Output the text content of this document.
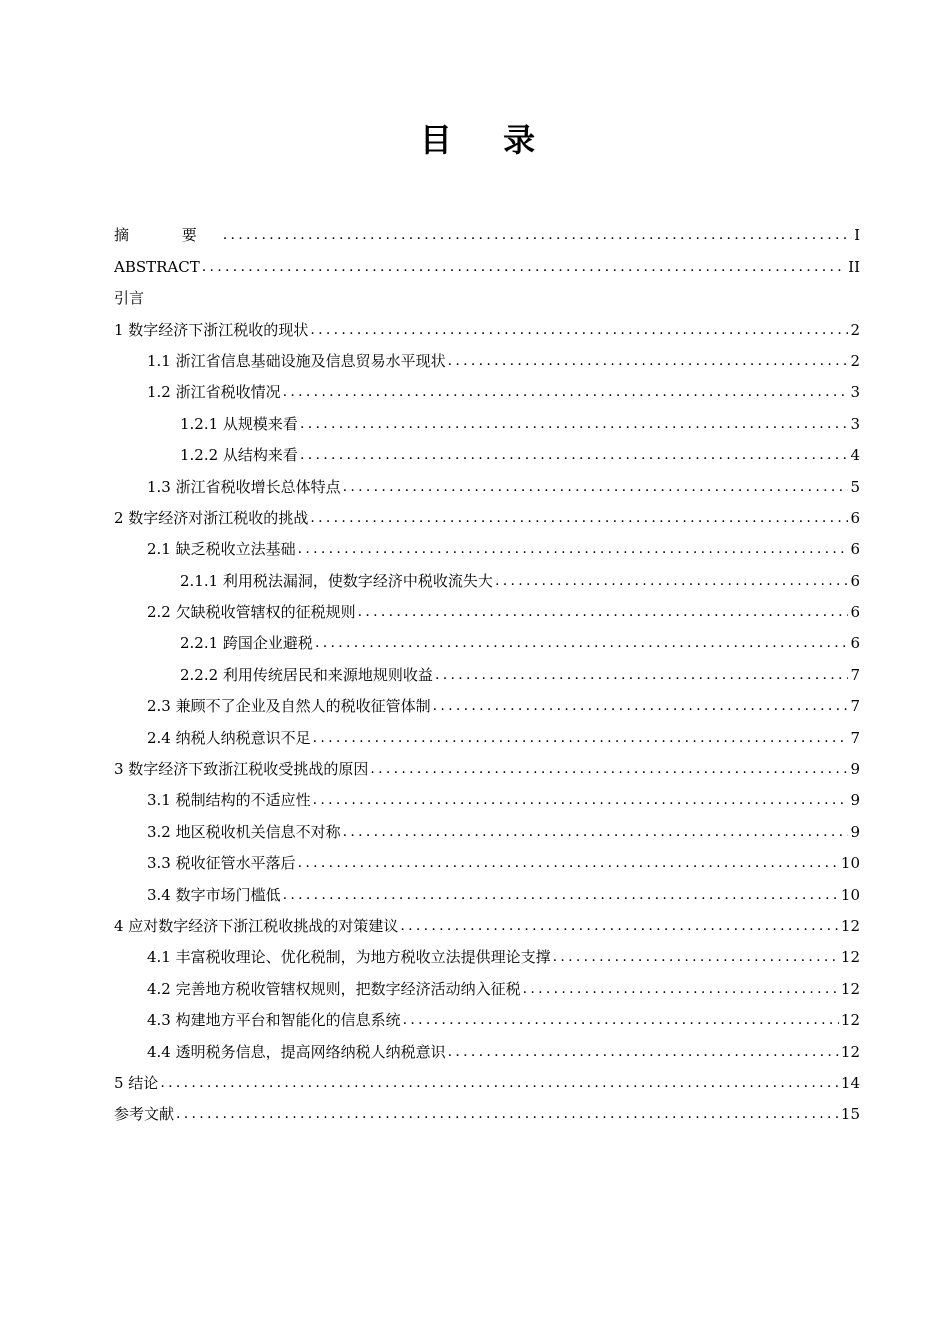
目 录
摘 要 .....	I
ABSTRACT .....	II
引言
1 数字经济下浙江税收的现状 .....	2
1.1 浙江省信息基础设施及信息贸易水平现状 .....	2
1.2 浙江省税收情况 .....	3
1.2.1 从规模来看 .....	3
1.2.2 从结构来看 .....	4
1.3 浙江省税收增长总体特点 .....	5
2 数字经济对浙江税收的挑战 .....	6
2.1 缺乏税收立法基础 .....	6
2.1.1 利用税法漏洞，使数字经济中税收流失大 .....	6
2.2 欠缺税收管辖权的征税规则 .....	6
2.2.1 跨国企业避税 .....	6
2.2.2 利用传统居民和来源地规则收益 .....	7
2.3 兼顾不了企业及自然人的税收征管体制 .....	7
2.4 纳税人纳税意识不足 .....	7
3 数字经济下致浙江税收受挑战的原因 .....	9
3.1 税制结构的不适应性 .....	9
3.2 地区税收机关信息不对称 .....	9
3.3 税收征管水平落后 .....	10
3.4 数字市场门槛低 .....	10
4 应对数字经济下浙江税收挑战的对策建议 .....	12
4.1 丰富税收理论、优化税制，为地方税收立法提供理论支撑 .....	12
4.2 完善地方税收管辖权规则，把数字经济活动纳入征税 .....	12
4.3 构建地方平台和智能化的信息系统 .....	12
4.4 透明税务信息，提高网络纳税人纳税意识 .....	12
5 结论 .....	14
参考文献 .....	15
